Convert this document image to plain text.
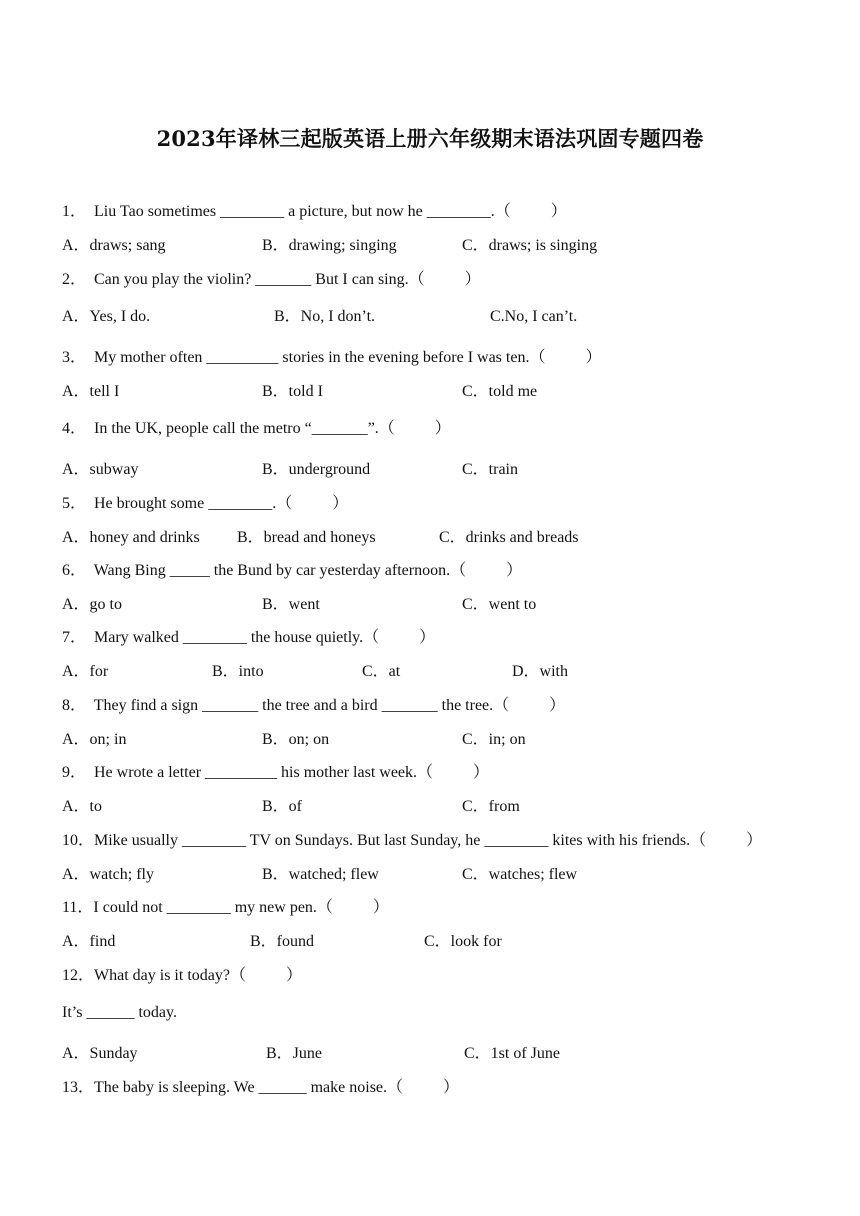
2023年译林三起版英语上册六年级期末语法巩固专题四卷
1．  Liu Tao sometimes ________ a picture, but now he ________.（          ）
A．draws; sang	B．drawing; singing	C．draws; is singing
2．  Can you play the violin? _______ But I can sing.（          ）
A．Yes, I do.	B．No, I don’t.	C.No, I can’t.
3．  My mother often _________ stories in the evening before I was ten.（          ）
A．tell I	B．told I	C．told me
4．  In the UK, people call the metro “_______”.（          ）
A．subway	B．underground	C．train
5．  He brought some ________.（          ）
A．honey and drinks B．bread and honeys	C．drinks and breads
6．  Wang Bing _____ the Bund by car yesterday afternoon.（          ）
A．go to	B．went	C．went to
7．  Mary walked ________ the house quietly.（          ）
A．for	B．into	C．at	D．with
8．  They find a sign _______ the tree and a bird _______ the tree.（          ）
A．on; in	B．on; on	C．in; on
9．  He wrote a letter _________ his mother last week.（          ）
A．to	B．of	C．from
10．Mike usually ________ TV on Sundays. But last Sunday, he ________ kites with his friends.（          ）
A．watch; fly	B．watched; flew	C．watches; flew
11．I could not ________ my new pen.（          ）
A．find	B．found	C．look for
12．What day is it today?（          ）
It’s ______ today.
A．Sunday	B．June	C．1st of June
13．The baby is sleeping. We ______ make noise.（          ）
